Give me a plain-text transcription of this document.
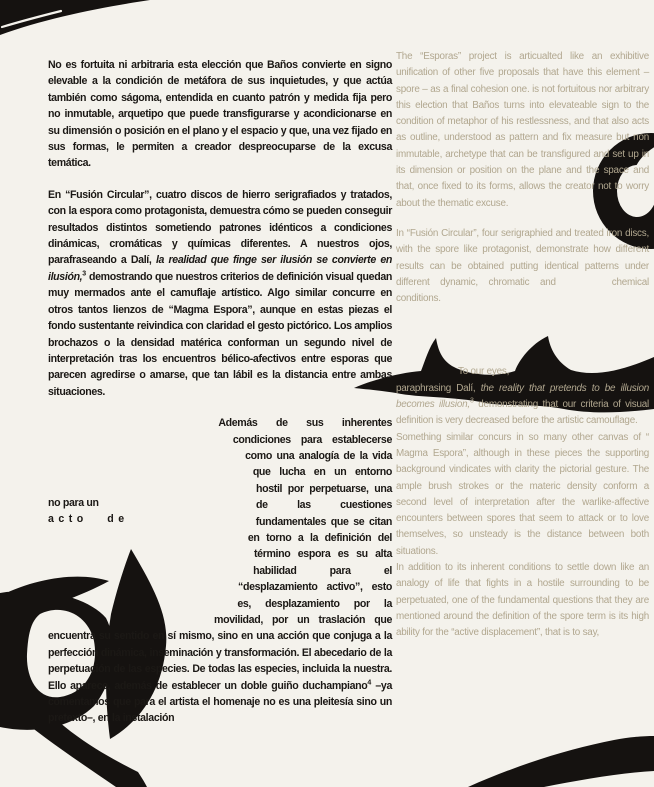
No es fortuita ni arbitraria esta elección que Baños convierte en signo elevable a la condición de metáfora de sus inquietudes, y que actúa también como ságoma, entendida en cuanto patrón y medida fija pero no inmutable, arquetipo que puede transfigurarse y acondicionarse en su dimensión o posición en el plano y el espacio y que, una vez fijado en sus formas, le permiten a creador despreocuparse de la excusa temática.

En “Fusión Circular”, cuatro discos de hierro serigrafiados y tratados, con la espora como protagonista, demuestra cómo se pueden conseguir resultados distintos sometiendo patrones idénticos a condiciones dinámicas, cromáticas y químicas diferentes. A nuestros ojos, parafraseando a Dalí, la realidad que finge ser ilusión se convierte en ilusión,$^3$ demostrando que nuestros criterios de definición visual quedan muy mermados ante el camuflaje artístico. Algo similar concurre en otros tantos lienzos de “Magma Espora”, aunque en estas piezas el fondo sustentante reivindica con claridad el gesto pictórico. Los amplios brochazos o la densidad matérica conforman un segundo nivel de interpretación tras los encuentros bélico-afectivos entre esporas que parecen agredirse o amarse, que tan lábil es la distancia entre ambas situaciones.

Además de sus inherentes condiciones para establecerse como una analogía de la vida que lucha en un entorno hostil por perpetuarse, una de las cuestiones fundamentales que se citan en torno a la definición del término espora es su alta habilidad para el “desplazamiento activo”, esto es,
no para un
acto de
desplazamiento por la movilidad, por un traslación que encuentra su sentido en sí mismo, sino en una acción que conjuga a la perfección dinámica, inseminación y transformación. El abecedario de la perpetuación de las especies. De todas las especies, incluida la nuestra. Ello aparece, además de establecer un doble guiño duchampiano$^4$ –ya comentamos que para el artista el homenaje no es una pleitesía sino un pretexto–, en la instalación

The “Esporas” project is articualted like an exhibitive unification of other five proposals that have this element – spore – as a final cohesion one. is not fortuitous nor arbitrary this election that Baños turns into elevateable sign to the condition of metaphor of his restlessness, and that also acts as outline, understood as pattern and fix measure but non immutable, archetype that can be transfigured and set up in its dimension or position on the plane and the space and that, once fixed to its forms, allows the creator not to worry about the thematic excuse.

In “Fusión Circular”, four serigraphied and treated iron discs, with the spore like protagonist, demonstrate how different results can be obtained putting identical patterns under different dynamic, chromatic and	chemical conditions.

To our eyes,

paraphrasing Dalí, the reality that pretends to be illusion becomes illusion,$^3$ demonstrating that our criteria of visual definition is very decreased before the artistic camouflage.

Something similar concurs in so many other canvas of “ Magma Espora”, although in these pieces the supporting background vindicates with clarity the pictorial gesture. The ample brush strokes or the materic density conform a second level of interpretation after the warlike-affective encounters between spores that seem to attack or to love themselves, so unsteady is the distance between both situations.

In addition to its inherent conditions to settle down like an analogy of life that fights in a hostile surrounding to be perpetuated, one of the fundamental questions that they are mentioned around the definition of the spore term is its high ability for the “active displacement”, that is to say,
